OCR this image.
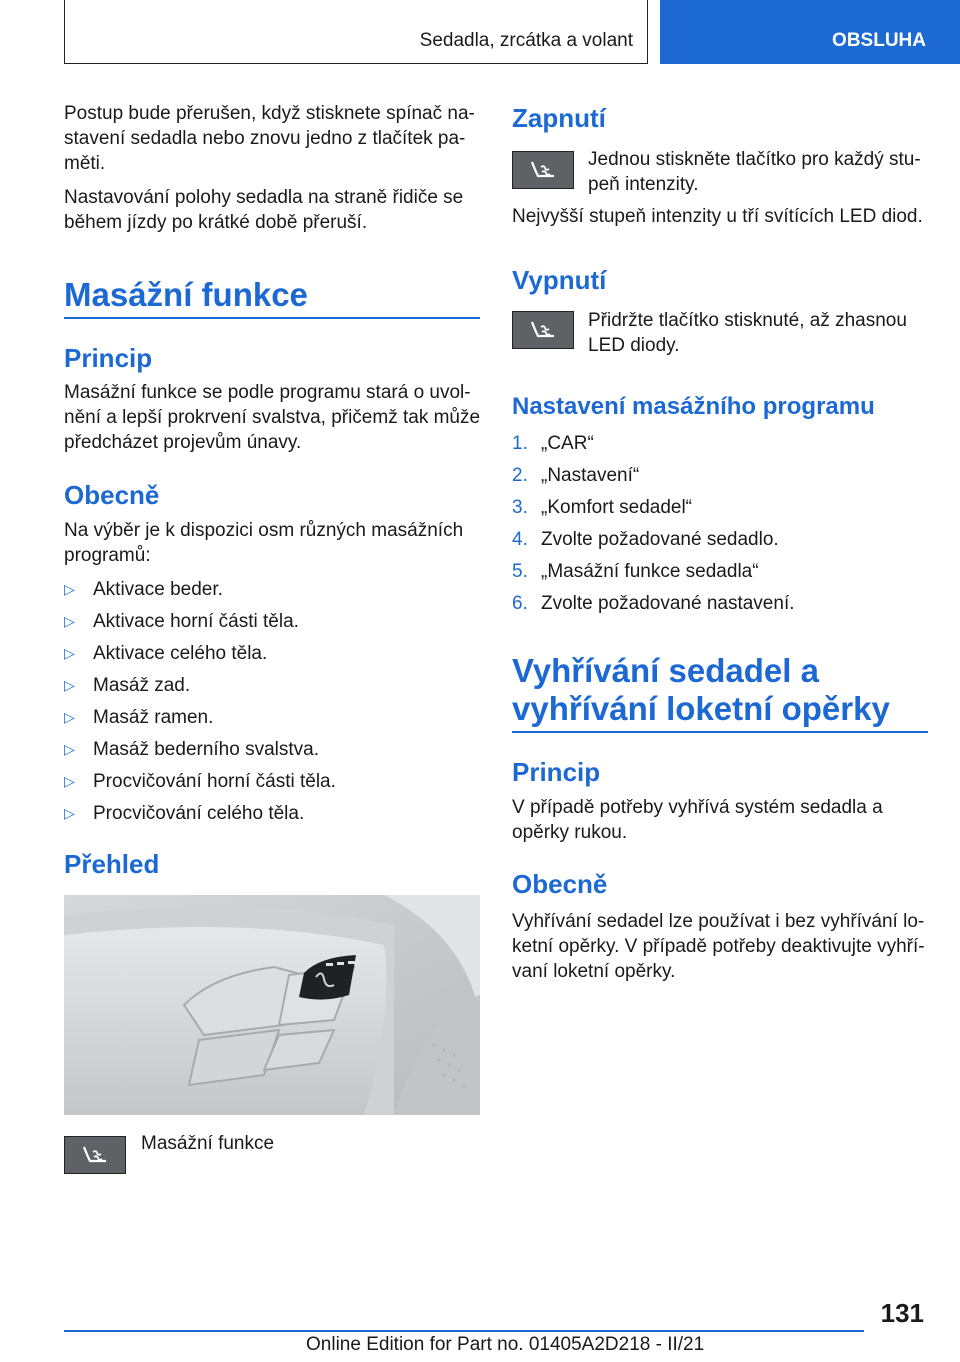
Sedadla, zrcátka a volant	OBSLUHA

Postup bude přerušen, když stisknete spínač na-
stavení sedadla nebo znovu jedno z tlačítek pa-
měti.

Nastavování polohy sedadla na straně řidiče se
během jízdy po krátké době přeruší.

Masážní funkce
Princip

Masážní funkce se podle programu stará o uvol-
nění a lepší prokrvení svalstva, přičemž tak může
předcházet projevům únavy.

Obecně

Na výběr je k dispozici osm různých masážních
programů:

▷ Aktivace beder.
▷ Aktivace horní části těla.
▷ Aktivace celého těla.
▷ Masáž zad.
▷ Masáž ramen.
▷ Masáž bederního svalstva.
▷ Procvičování horní části těla.
▷ Procvičování celého těla.
Přehled
Masážní funkce
Zapnutí

Jednou stiskněte tlačítko pro každý stu-
peň intenzity.

Nejvyšší stupeň intenzity u tří svítících LED diod.

Vypnutí

Přidržte tlačítko stisknuté, až zhasnou
LED diody.

Nastavení masážního programu
1. „CAR“
2. „Nastavení“
3. „Komfort sedadel“
4. Zvolte požadované sedadlo.
5. „Masážní funkce sedadla“
6. Zvolte požadované nastavení.
Vyhřívání sedadel a
vyhřívání loketní opěrky
Princip

V případě potřeby vyhřívá systém sedadla a
opěrky rukou.

Obecně

Vyhřívání sedadel lze používat i bez vyhřívání lo-
ketní opěrky. V případě potřeby deaktivujte vyhří-
vaní loketní opěrky.

131
Online Edition for Part no. 01405A2D218 - II/21
